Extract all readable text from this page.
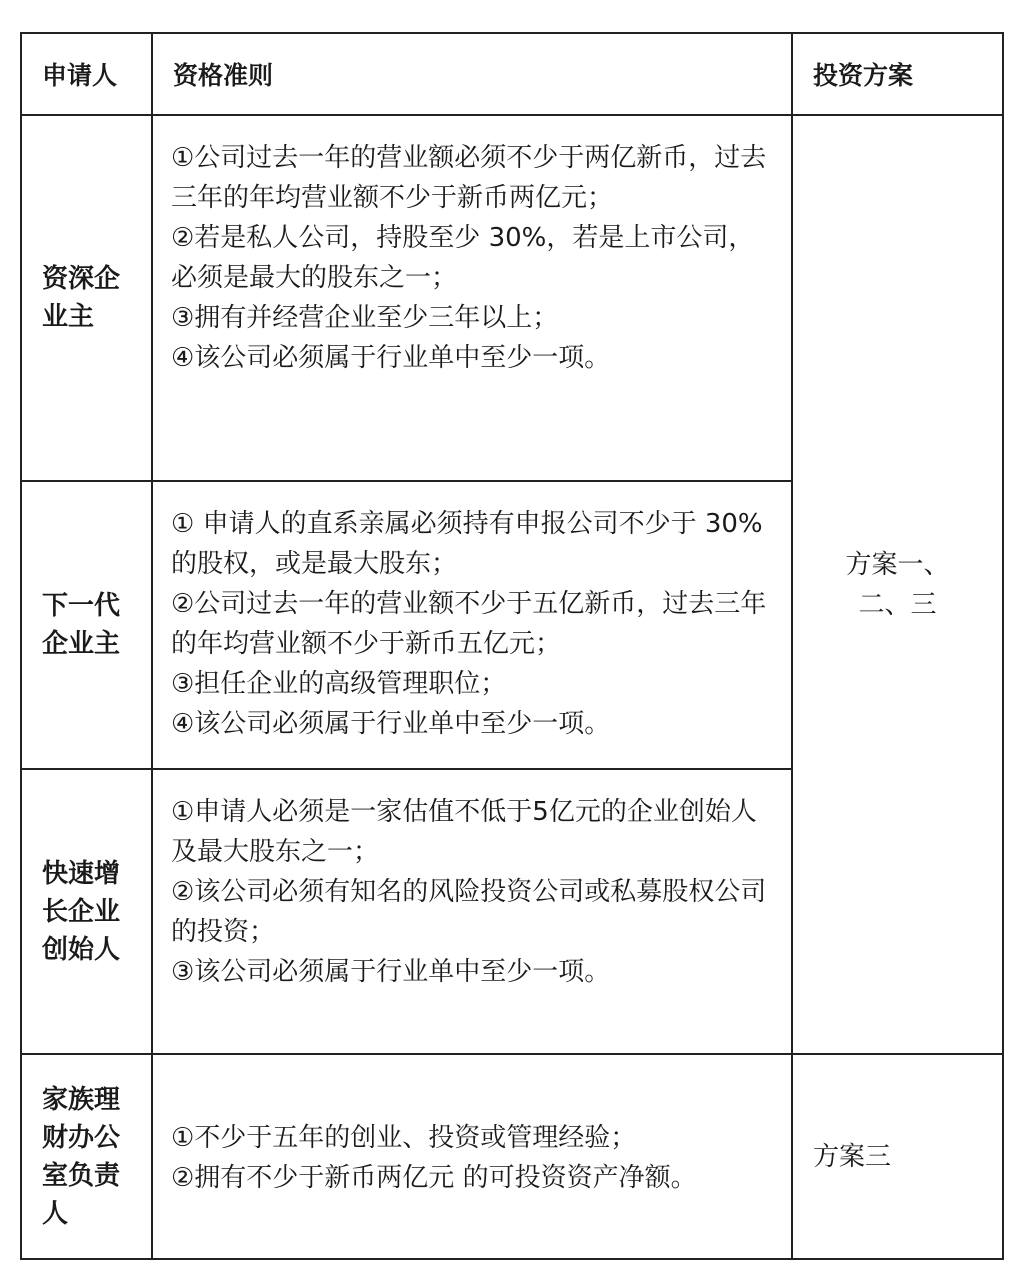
申请人	资格准则	投资方案
资深企业主	①公司过去一年的营业额必须不少于两亿新币，过去三年的年均营业额不少于新币两亿元；
②若是私人公司，持股至少 30%，若是上市公司，必须是最大的股东之一；
③拥有并经营企业至少三年以上；
④该公司必须属于行业单中至少一项。	方案一、二、三
下一代企业主	① 申请人的直系亲属必须持有申报公司不少于 30% 的股权，或是最大股东；
②公司过去一年的营业额不少于五亿新币，过去三年的年均营业额不少于新币五亿元；
③担任企业的高级管理职位；
④该公司必须属于行业单中至少一项。	

快速增长企业创始人	①申请人必须是一家估值不低于5亿元的企业创始人及最大股东之一；
②该公司必须有知名的风险投资公司或私募股权公司的投资；
③该公司必须属于行业单中至少一项。	

家族理财办公室负责人	①不少于五年的创业、投资或管理经验；
②拥有不少于新币两亿元 的可投资资产净额。	方案三
